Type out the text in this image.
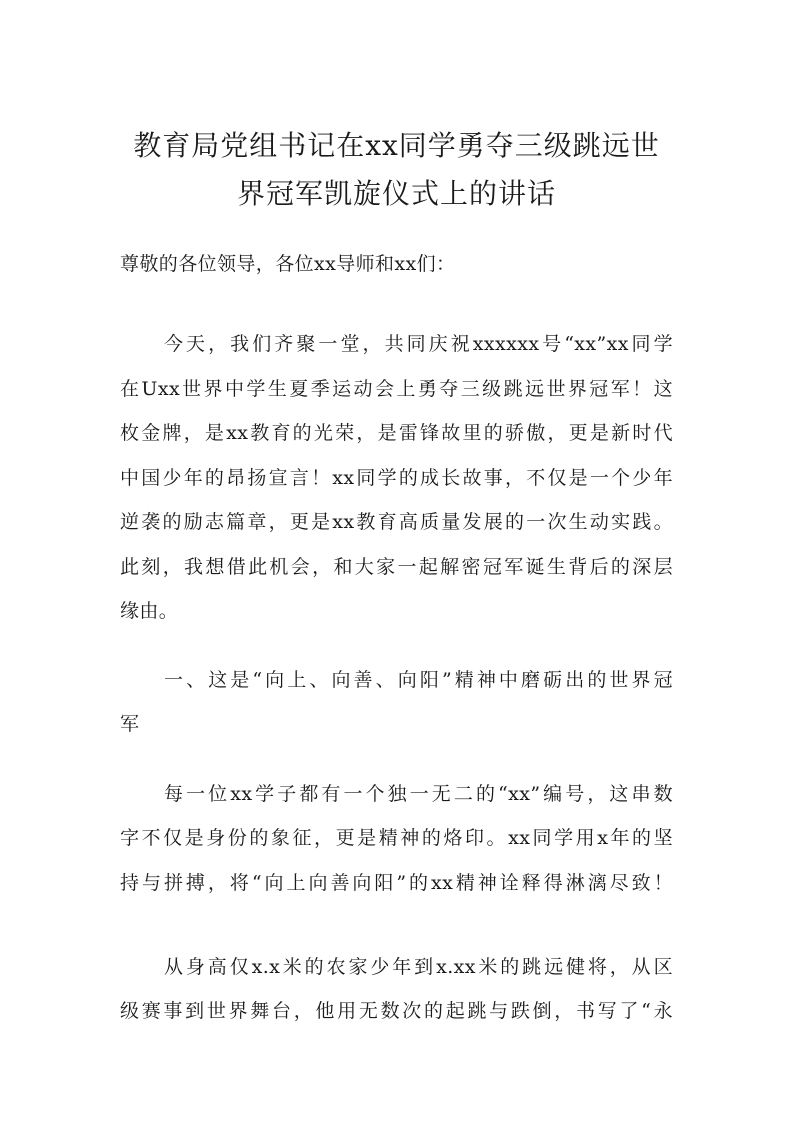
教育局党组书记在xx同学勇夺三级跳远世
界冠军凯旋仪式上的讲话
尊敬的各位领导，各位xx导师和xx们：
今天，我们齐聚一堂，共同庆祝xxxxxx号“xx”xx同学
在Uxx世界中学生夏季运动会上勇夺三级跳远世界冠军！这
枚金牌，是xx教育的光荣，是雷锋故里的骄傲，更是新时代
中国少年的昂扬宣言！xx同学的成长故事，不仅是一个少年
逆袭的励志篇章，更是xx教育高质量发展的一次生动实践。
此刻，我想借此机会，和大家一起解密冠军诞生背后的深层
缘由。
一、这是“向上、向善、向阳”精神中磨砺出的世界冠
军
每一位xx学子都有一个独一无二的“xx”编号，这串数
字不仅是身份的象征，更是精神的烙印。xx同学用x年的坚
持与拼搏，将“向上向善向阳”的xx精神诠释得淋漓尽致！
从身高仅x.x米的农家少年到x.xx米的跳远健将，从区
级赛事到世界舞台，他用无数次的起跳与跌倒，书写了“永
